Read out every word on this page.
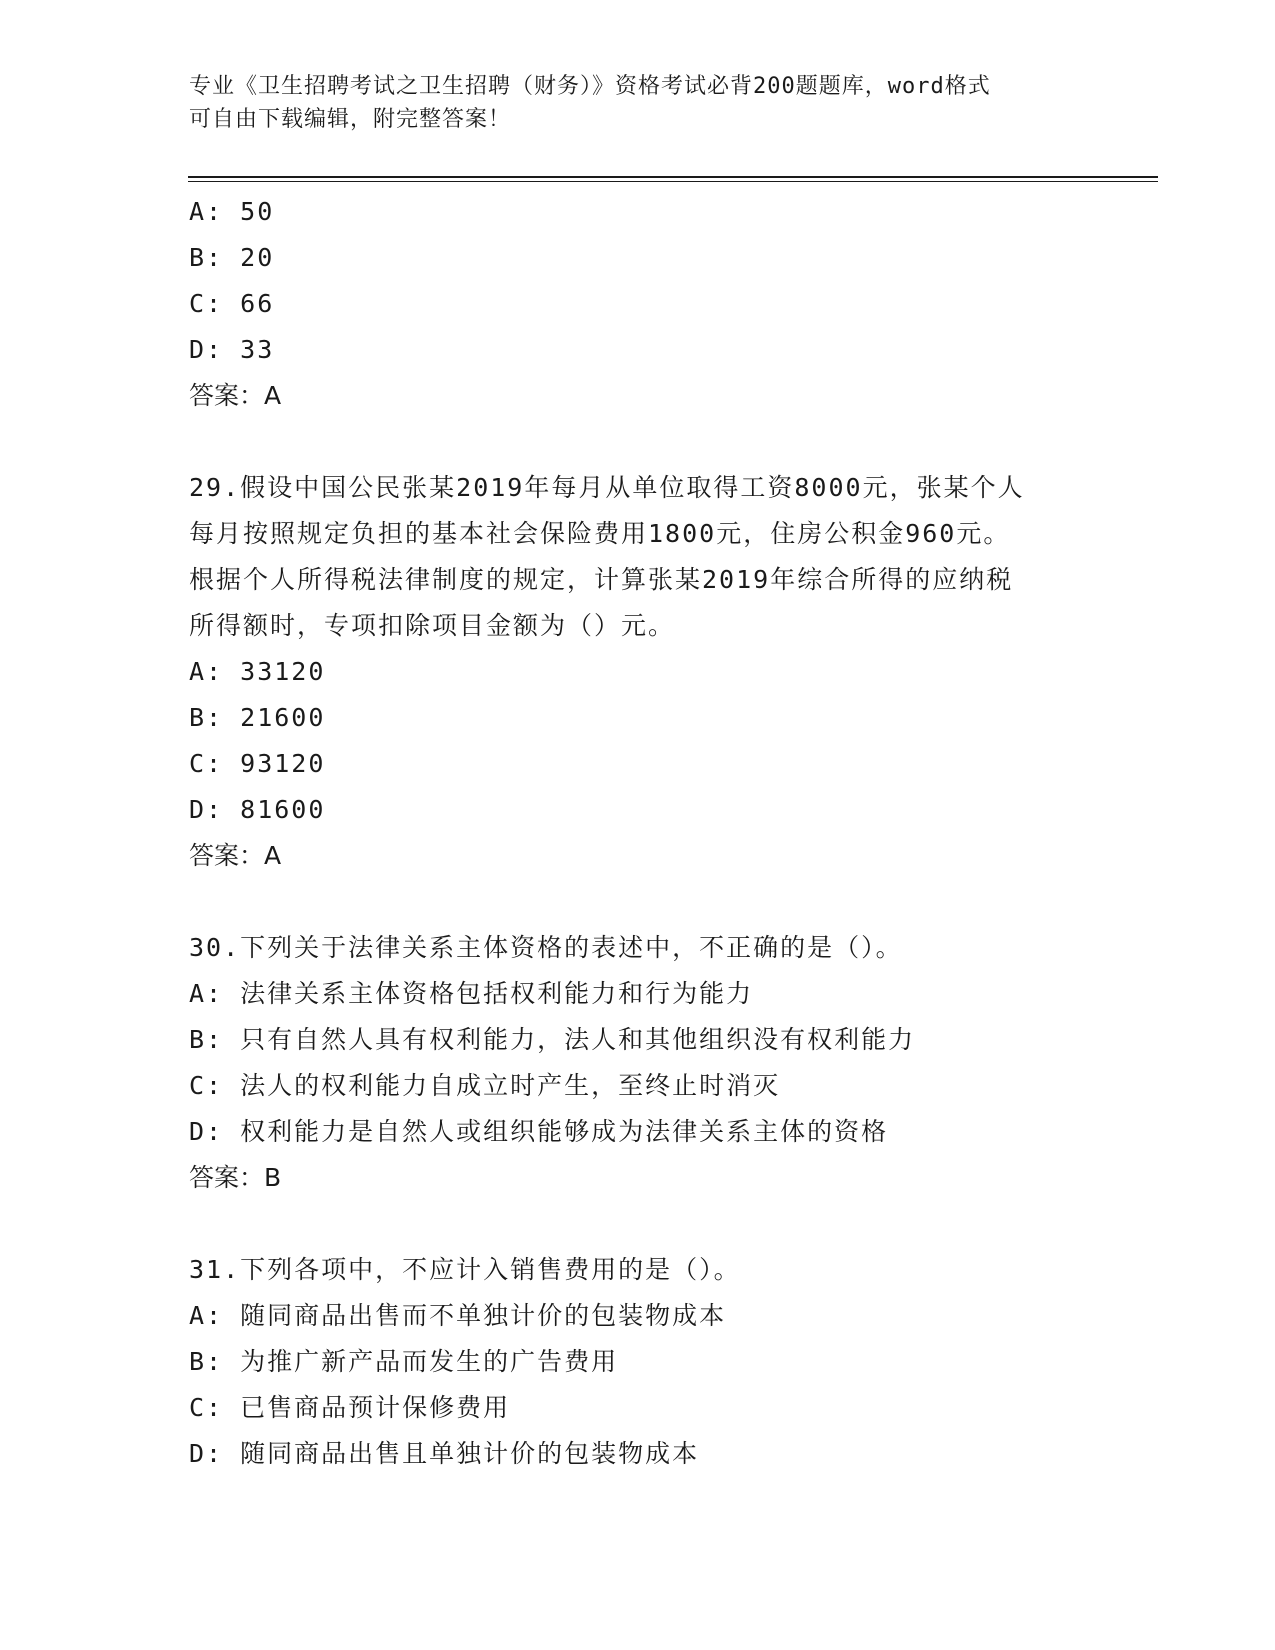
专业《卫生招聘考试之卫生招聘（财务）》资格考试必背200题题库，word格式
可自由下载编辑，附完整答案！
A: 50
B: 20
C: 66
D: 33
答案：A
29.假设中国公民张某2019年每月从单位取得工资8000元，张某个人
每月按照规定负担的基本社会保险费用1800元，住房公积金960元。
根据个人所得税法律制度的规定，计算张某2019年综合所得的应纳税
所得额时，专项扣除项目金额为（）元。
A: 33120
B: 21600
C: 93120
D: 81600
答案：A
30.下列关于法律关系主体资格的表述中，不正确的是（）。
A: 法律关系主体资格包括权利能力和行为能力
B: 只有自然人具有权利能力，法人和其他组织没有权利能力
C: 法人的权利能力自成立时产生，至终止时消灭
D: 权利能力是自然人或组织能够成为法律关系主体的资格
答案：B
31.下列各项中，不应计入销售费用的是（）。
A: 随同商品出售而不单独计价的包装物成本
B: 为推广新产品而发生的广告费用
C: 已售商品预计保修费用
D: 随同商品出售且单独计价的包装物成本
